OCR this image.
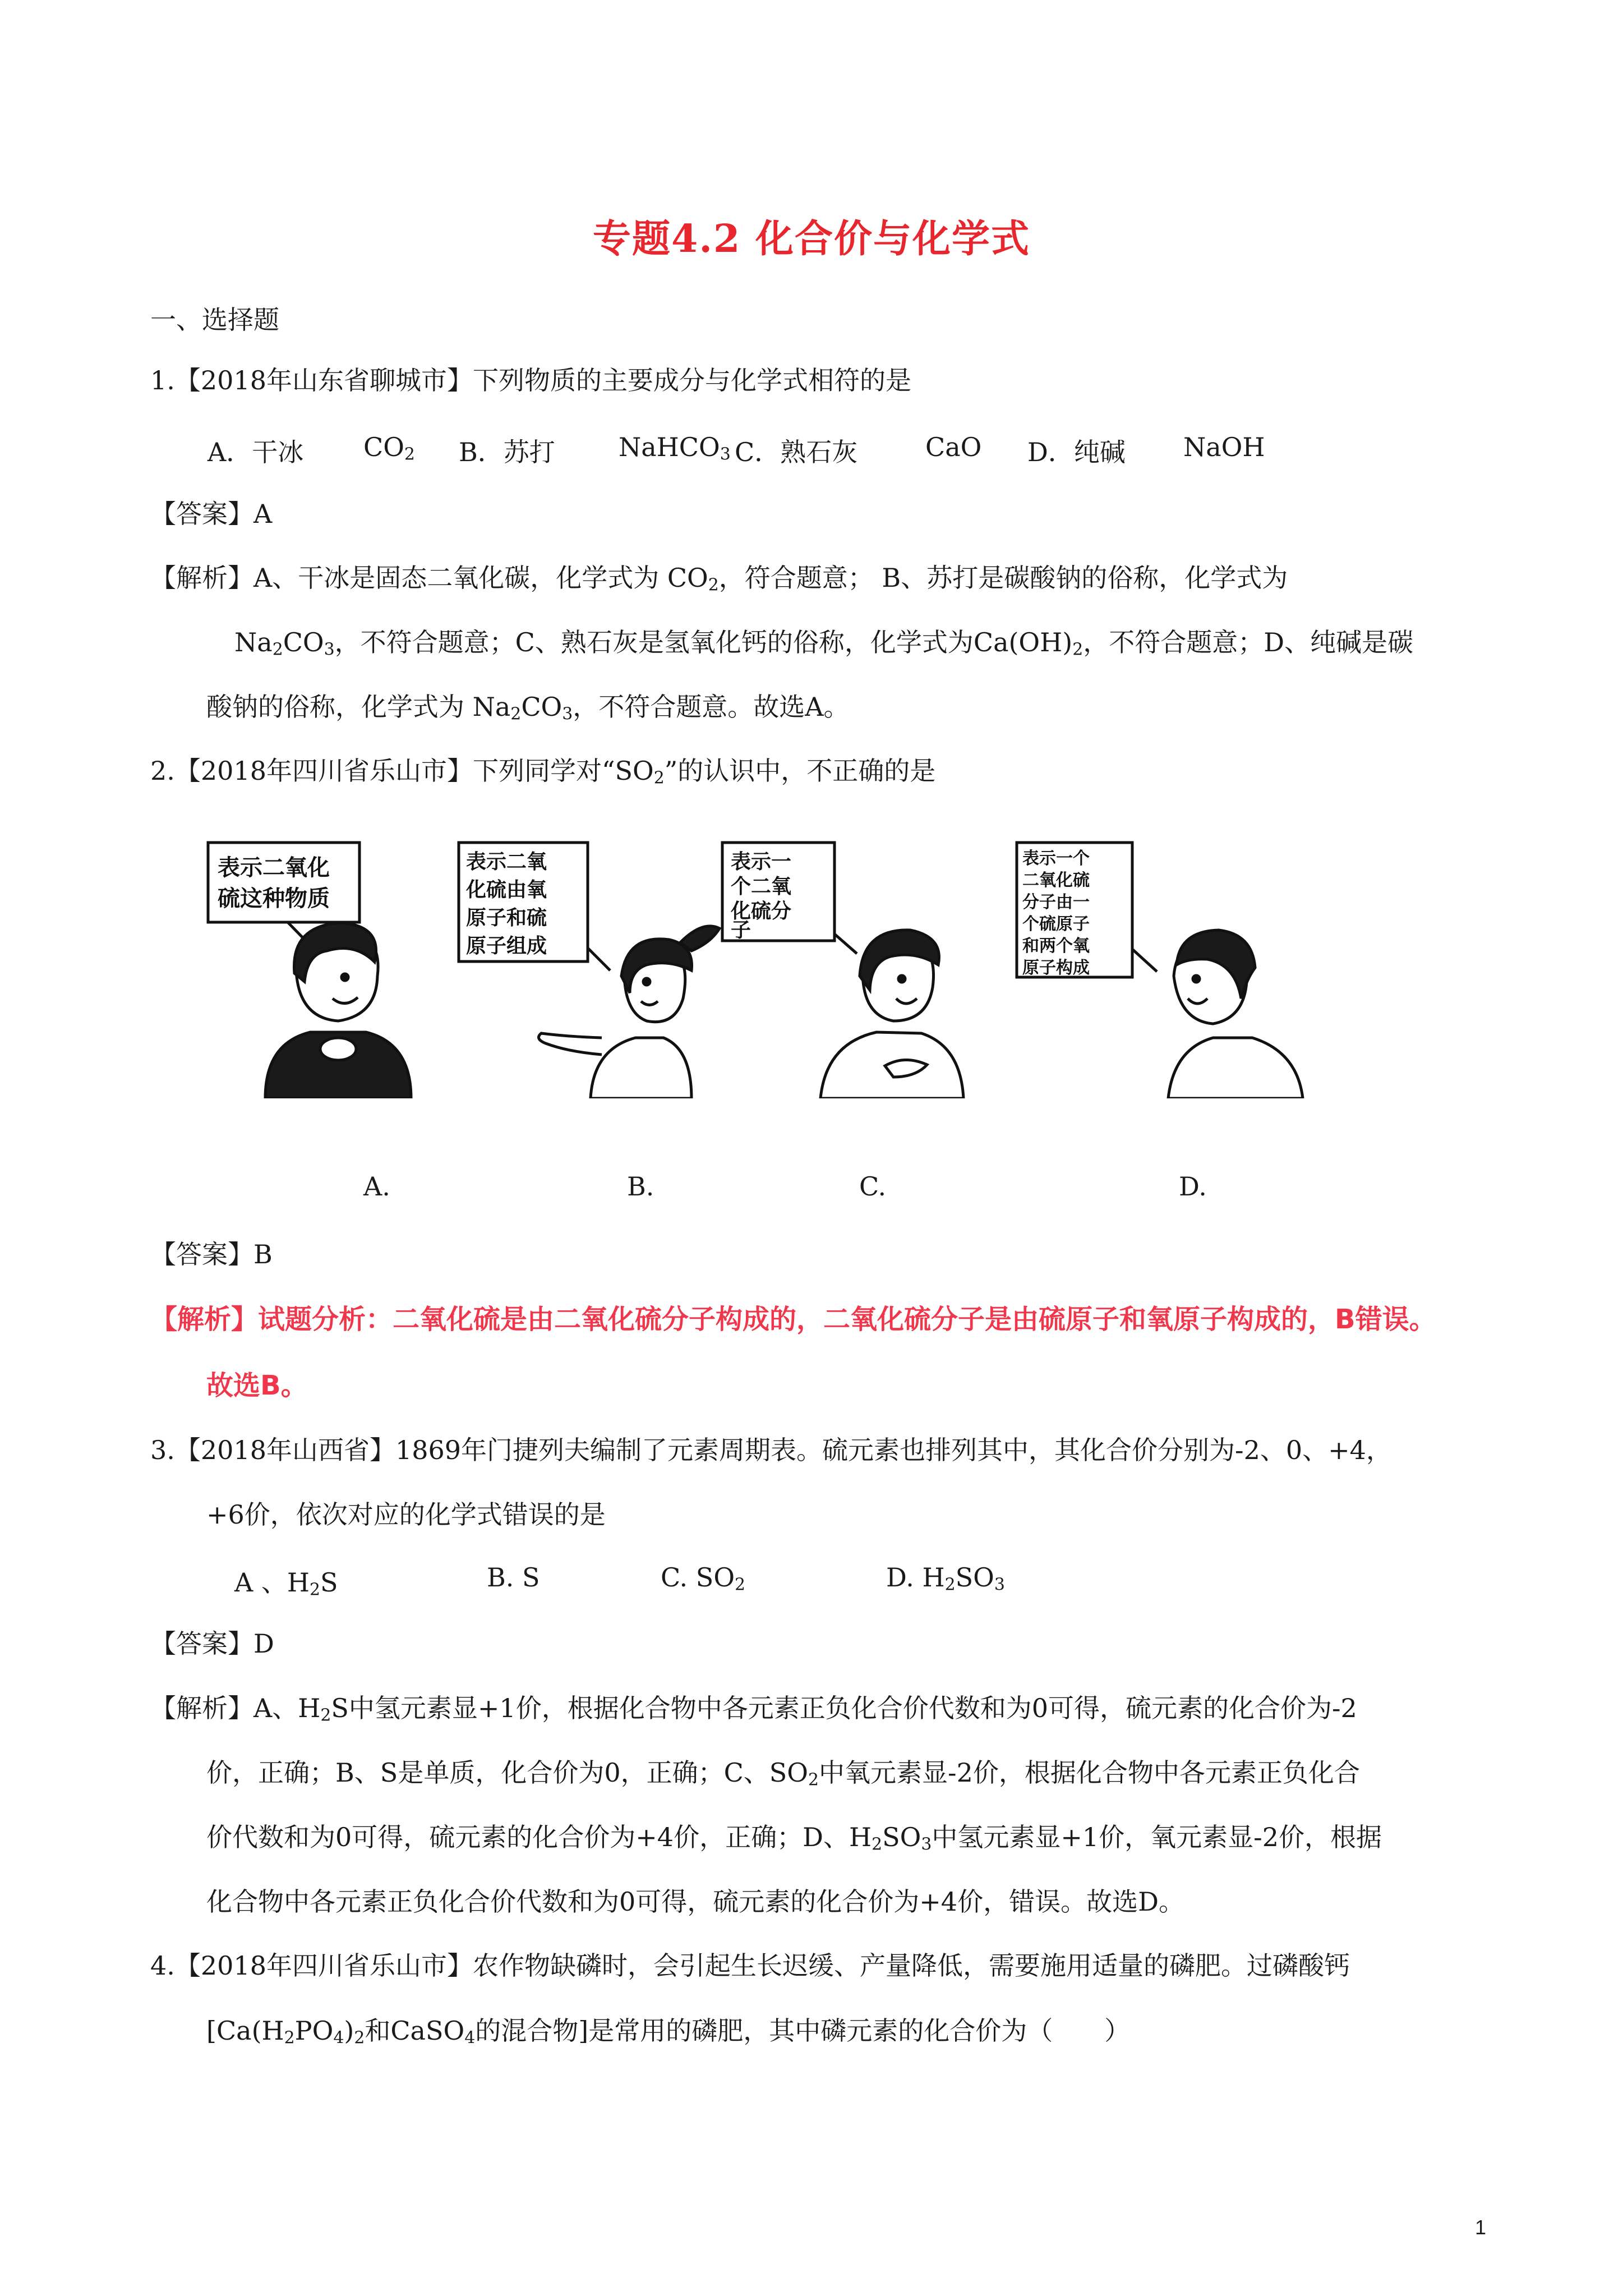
专题4.2 化合价与化学式
一、选择题
1.【2018年山东省聊城市】下列物质的主要成分与化学式相符的是
A．干冰 $CO_2$ B．苏打 NaHCO$_3$ C．熟石灰	CaO D．纯碱 NaOH
【答案】A
【解析】A、干冰是固态二氧化碳，化学式为 $CO_2$，符合题意； B、苏打是碳酸钠的俗称，化学式为
$Na_2CO_3$，不符合题意；C、熟石灰是氢氧化钙的俗称，化学式为$Ca(OH)_2$，不符合题意；D、纯碱是碳
酸钠的俗称，化学式为 $Na_2CO_3$，不符合题意。故选A。
2.【2018年四川省乐山市】下列同学对“$SO_2$”的认识中，不正确的是
表示二氧化
硫这种物质
表示二氧
化硫由氧
原子和硫
原子组成
表示一
个二氧
化硫分
子
表示一个
二氧化硫
分子由一
个硫原子
和两个氧
原子构成
A.	B.	C.	D.
【答案】B
【解析】试题分析：二氧化硫是由二氧化硫分子构成的，二氧化硫分子是由硫原子和氧原子构成的，B错误。
故选B。
3.【2018年山西省】1869年门捷列夫编制了元素周期表。硫元素也排列其中，其化合价分别为-2、0、+4，
+6价，依次对应的化学式错误的是
A 、$H_2S$	B. S	C. $SO_2$	D. $H_2SO_3$
【答案】D
【解析】A、$H_2S$中氢元素显+1价，根据化合物中各元素正负化合价代数和为0可得，硫元素的化合价为-2
价，正确；B、S是单质，化合价为0，正确；C、$SO_2$中氧元素显-2价，根据化合物中各元素正负化合
价代数和为0可得，硫元素的化合价为+4价，正确；D、$H_2SO_3$中氢元素显+1价，氧元素显-2价，根据
化合物中各元素正负化合价代数和为0可得，硫元素的化合价为+4价，错误。故选D。
4.【2018年四川省乐山市】农作物缺磷时，会引起生长迟缓、产量降低，需要施用适量的磷肥。过磷酸钙
[$Ca(H_2PO_4)_2$和CaSO$_4$的混合物]是常用的磷肥，其中磷元素的化合价为（　　）
1
